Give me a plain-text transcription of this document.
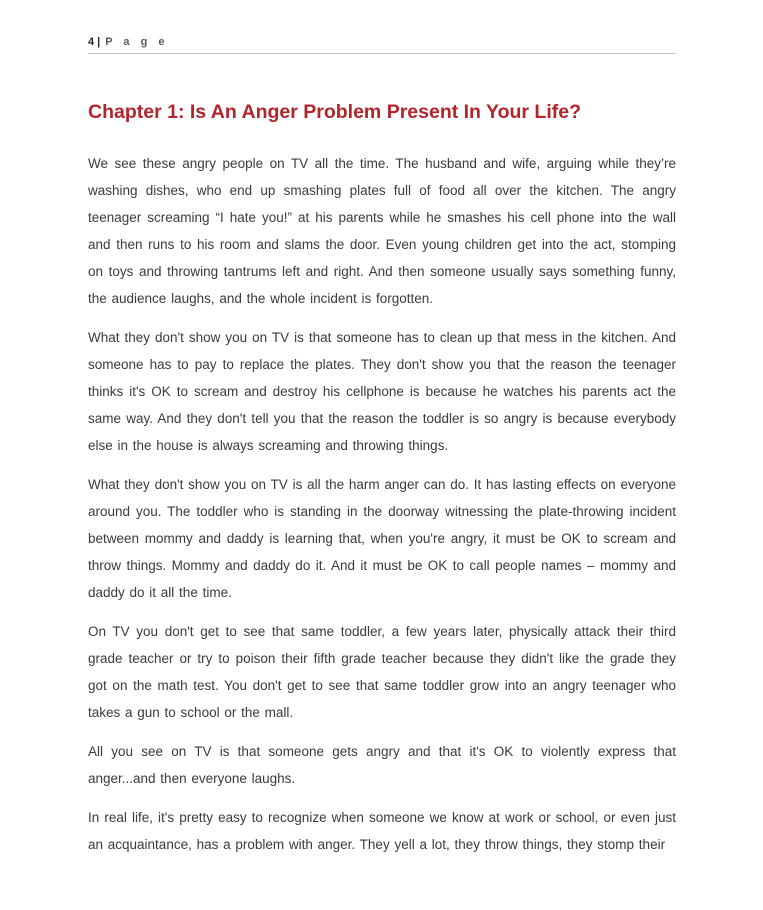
4 | P a g e
Chapter 1: Is An Anger Problem Present In Your Life?

We see these angry people on TV all the time. The husband and wife, arguing while they’re washing dishes, who end up smashing plates full of food all over the kitchen. The angry teenager screaming “I hate you!” at his parents while he smashes his cell phone into the wall and then runs to his room and slams the door. Even young children get into the act, stomping on toys and throwing tantrums left and right. And then someone usually says something funny, the audience laughs, and the whole incident is forgotten.

What they don't show you on TV is that someone has to clean up that mess in the kitchen. And someone has to pay to replace the plates. They don't show you that the reason the teenager thinks it's OK to scream and destroy his cellphone is because he watches his parents act the same way. And they don't tell you that the reason the toddler is so angry is because everybody else in the house is always screaming and throwing things.

What they don't show you on TV is all the harm anger can do. It has lasting effects on everyone around you. The toddler who is standing in the doorway witnessing the plate-throwing incident between mommy and daddy is learning that, when you're angry, it must be OK to scream and throw things. Mommy and daddy do it. And it must be OK to call people names – mommy and daddy do it all the time.

On TV you don't get to see that same toddler, a few years later, physically attack their third grade teacher or try to poison their fifth grade teacher because they didn't like the grade they got on the math test. You don't get to see that same toddler grow into an angry teenager who takes a gun to school or the mall.

All you see on TV is that someone gets angry and that it's OK to violently express that anger...and then everyone laughs.

In real life, it's pretty easy to recognize when someone we know at work or school, or even just an acquaintance, has a problem with anger. They yell a lot, they throw things, they stomp their
